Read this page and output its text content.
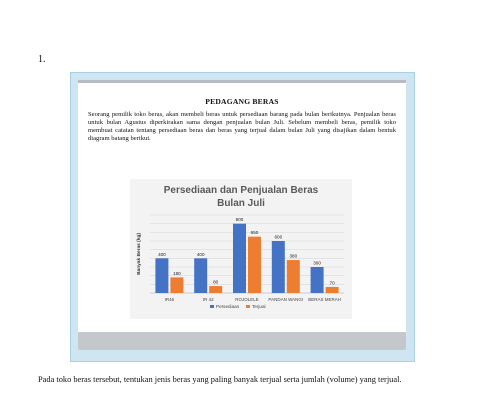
1.
PEDAGANG BERAS
Seorang pemilik toko beras, akan membeli beras untuk persediaan barang pada bulan berikutnya. Penjualan beras untuk bulan Agustus diperkirakan sama dengan penjualan bulan Juli. Sebelum membeli beras, pemilik toko membuat catatan tentang persediaan beras dan beras yang terjual dalam bulan Juli yang disajikan dalam bentuk diagram batang berikut.
Persediaan dan Penjualan Beras
Bulan Juli
Banyak Beras (kg)	400
180
IR46
400
80
IR 42
800
650
ROJOLELE
600
380
PANDAN WANGI
300
70
BERAS MERAH
Persediaan	Terjual
Pada toko beras tersebut, tentukan jenis beras yang paling banyak terjual serta jumlah (volume) yang terjual.
